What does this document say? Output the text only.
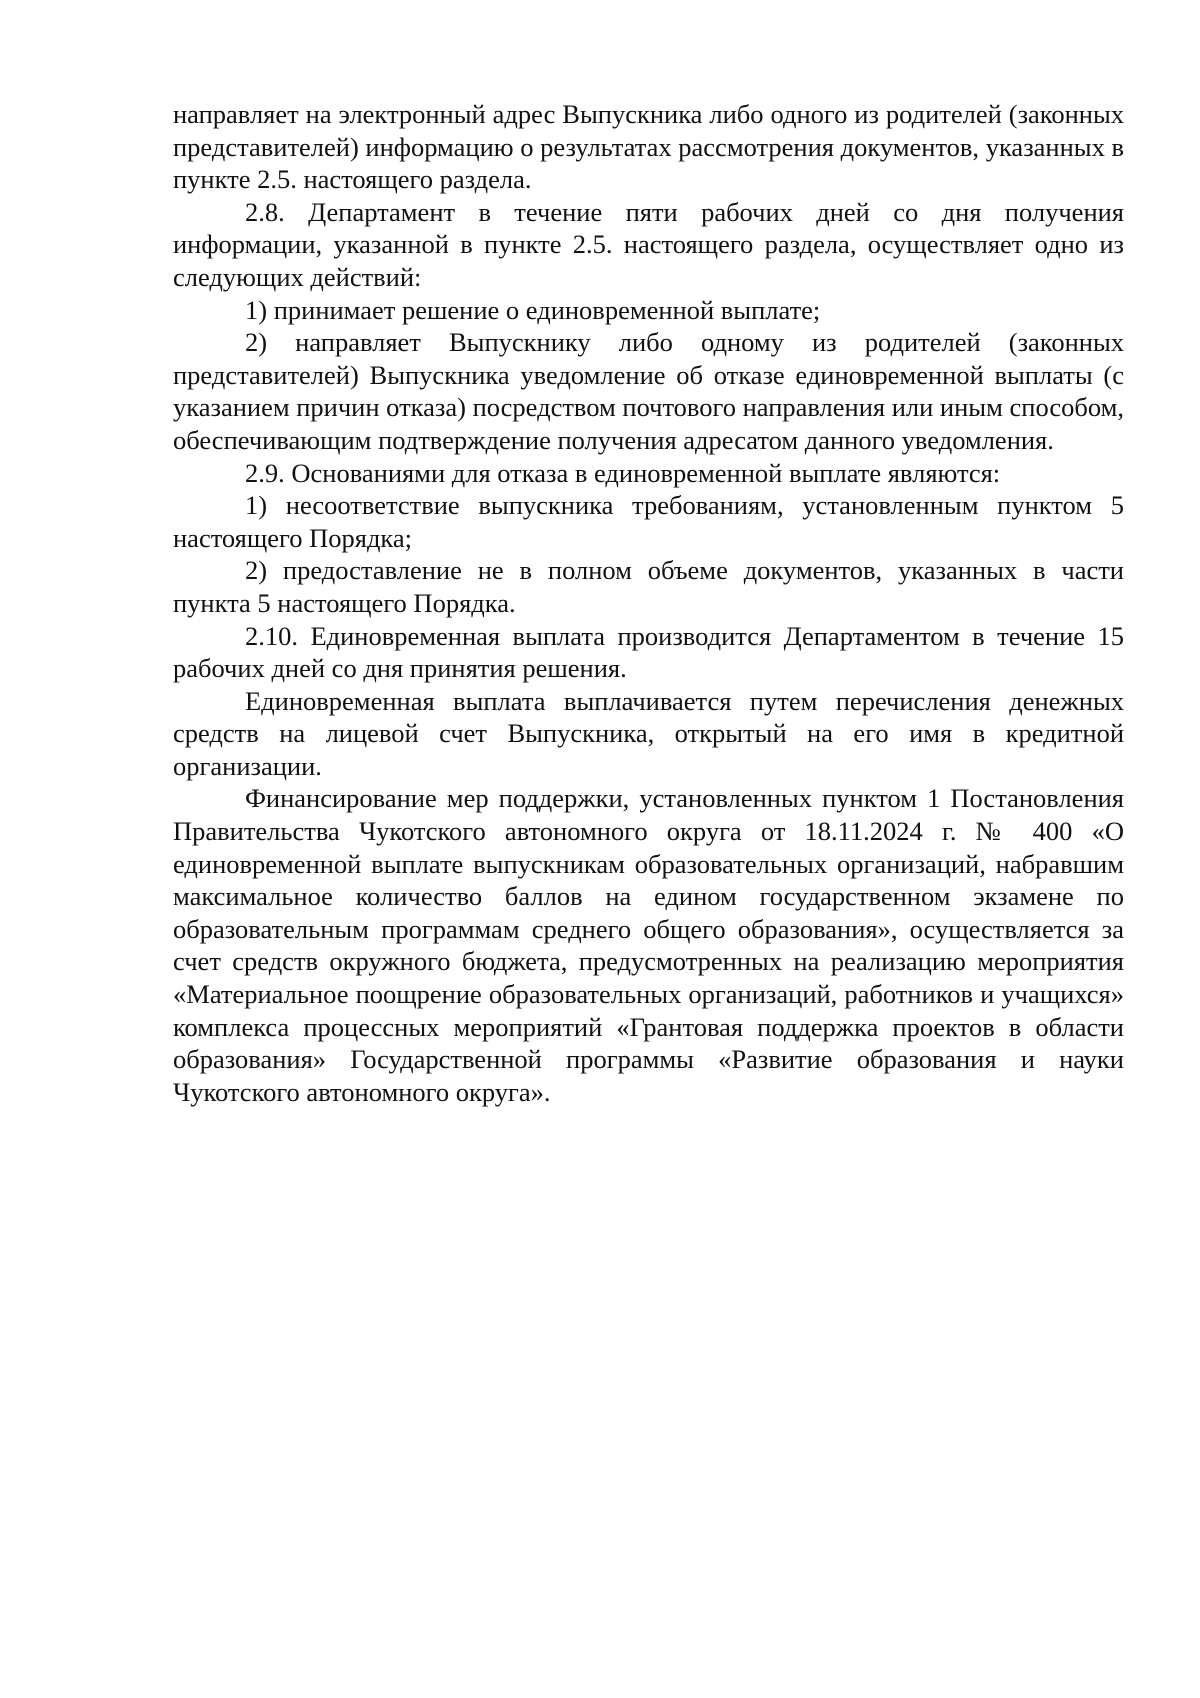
направляет на электронный адрес Выпускника либо одного из родителей (законных представителей) информацию о результатах рассмотрения документов, указанных в пункте 2.5. настоящего раздела.

2.8. Департамент в течение пяти рабочих дней со дня получения информации, указанной в пункте 2.5. настоящего раздела, осуществляет одно из следующих действий:

1) принимает решение о единовременной выплате;

2) направляет Выпускнику либо одному из родителей (законных представителей) Выпускника уведомление об отказе единовременной выплаты (с указанием причин отказа) посредством почтового направления или иным способом, обеспечивающим подтверждение получения адресатом данного уведомления.

2.9. Основаниями для отказа в единовременной выплате являются:

1) несоответствие выпускника требованиям, установленным пунктом 5 настоящего Порядка;

2) предоставление не в полном объеме документов, указанных в части пункта 5 настоящего Порядка.

2.10. Единовременная выплата производится Департаментом в течение 15 рабочих дней со дня принятия решения.

Единовременная выплата выплачивается путем перечисления денежных средств на лицевой счет Выпускника, открытый на его имя в кредитной организации.

Финансирование мер поддержки, установленных пунктом 1 Постановления Правительства Чукотского автономного округа от 18.11.2024 г. № 400 «О единовременной выплате выпускникам образовательных организаций, набравшим максимальное количество баллов на едином государственном экзамене по образовательным программам среднего общего образования», осуществляется за счет средств окружного бюджета, предусмотренных на реализацию мероприятия «Материальное поощрение образовательных организаций, работников и учащихся» комплекса процессных мероприятий «Грантовая поддержка проектов в области образования» Государственной программы «Развитие образования и науки Чукотского автономного округа».
